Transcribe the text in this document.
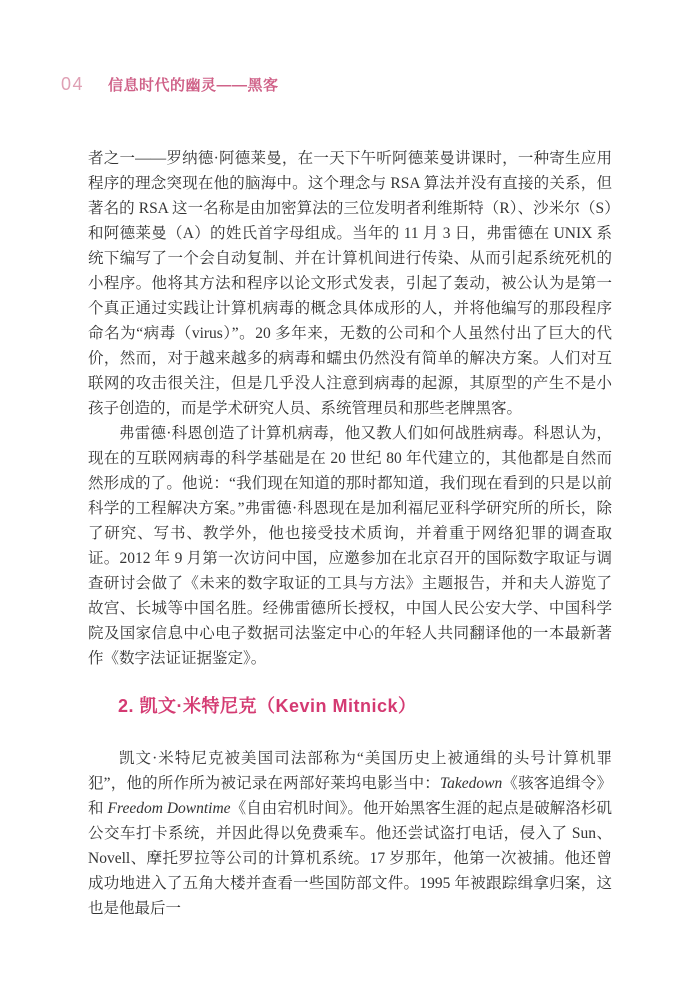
04 信息时代的幽灵——黑客

者之一——罗纳德·阿德莱曼，在一天下午听阿德莱曼讲课时，一种寄生应用程序的理念突现在他的脑海中。这个理念与 RSA 算法并没有直接的关系，但著名的 RSA 这一名称是由加密算法的三位发明者利维斯特（R）、沙米尔（S）和阿德莱曼（A）的姓氏首字母组成。当年的 11 月 3 日，弗雷德在 UNIX 系统下编写了一个会自动复制、并在计算机间进行传染、从而引起系统死机的小程序。他将其方法和程序以论文形式发表，引起了轰动，被公认为是第一个真正通过实践让计算机病毒的概念具体成形的人，并将他编写的那段程序命名为“病毒（virus）”。20 多年来，无数的公司和个人虽然付出了巨大的代价，然而，对于越来越多的病毒和蠕虫仍然没有简单的解决方案。人们对互联网的攻击很关注，但是几乎没人注意到病毒的起源，其原型的产生不是小孩子创造的，而是学术研究人员、系统管理员和那些老牌黑客。

弗雷德·科恩创造了计算机病毒，他又教人们如何战胜病毒。科恩认为，现在的互联网病毒的科学基础是在 20 世纪 80 年代建立的，其他都是自然而然形成的了。他说：“我们现在知道的那时都知道，我们现在看到的只是以前科学的工程解决方案。”弗雷德·科恩现在是加利福尼亚科学研究所的所长，除了研究、写书、教学外，他也接受技术质询，并着重于网络犯罪的调查取证。2012 年 9 月第一次访问中国，应邀参加在北京召开的国际数字取证与调查研讨会做了《未来的数字取证的工具与方法》主题报告，并和夫人游览了故宫、长城等中国名胜。经佛雷德所长授权，中国人民公安大学、中国科学院及国家信息中心电子数据司法鉴定中心的年轻人共同翻译他的一本最新著作《数字法证证据鉴定》。

2. 凯文·米特尼克（Kevin Mitnick）

凯文·米特尼克被美国司法部称为“美国历史上被通缉的头号计算机罪犯”，他的所作所为被记录在两部好莱坞电影当中：Takedown《骇客追缉令》和 Freedom Downtime《自由宕机时间》。他开始黑客生涯的起点是破解洛杉矶公交车打卡系统，并因此得以免费乘车。他还尝试盗打电话，侵入了 Sun、Novell、摩托罗拉等公司的计算机系统。17 岁那年，他第一次被捕。他还曾成功地进入了五角大楼并查看一些国防部文件。1995 年被跟踪缉拿归案，这也是他最后一
